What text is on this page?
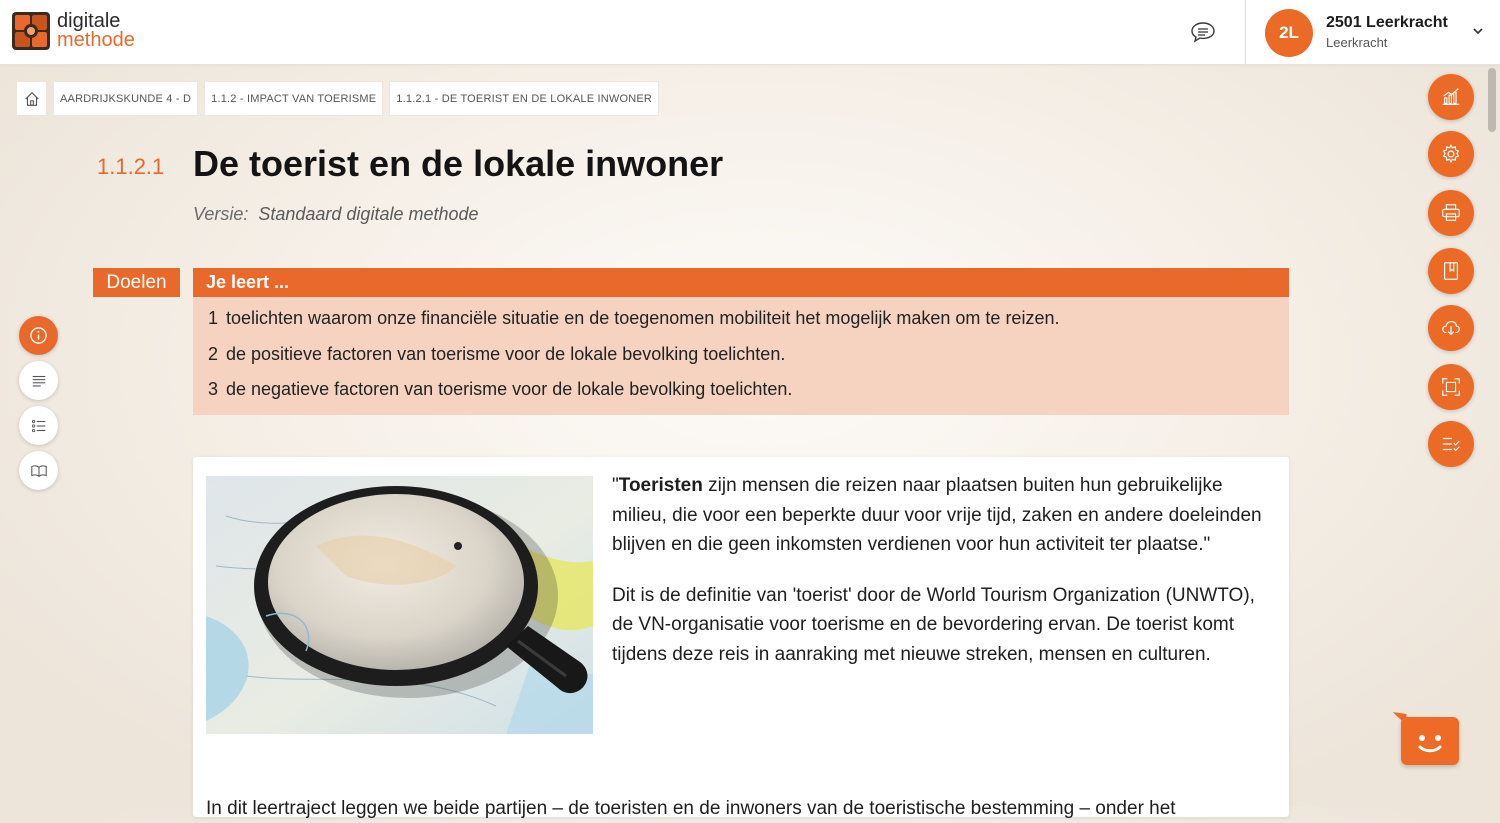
digitale
methode	2L
2501 Leerkracht
Leerkracht
AARDRIJKSKUNDE 4 - D	1.1.2 - IMPACT VAN TOERISME	1.1.2.1 - DE TOERIST EN DE LOKALE INWONER
1.1.2.1 De toerist en de lokale inwoner
Versie: Standaard digitale methode
Doelen	Je leert ...
1 toelichten waarom onze financiële situatie en de toegenomen mobiliteit het mogelijk maken om te reizen.
2 de positieve factoren van toerisme voor de lokale bevolking toelichten.
3 de negatieve factoren van toerisme voor de lokale bevolking toelichten.

"Toeristen zijn mensen die reizen naar plaatsen buiten hun gebruikelijke milieu, die voor een beperkte duur voor vrije tijd, zaken en andere doeleinden blijven en die geen inkomsten verdienen voor hun activiteit ter plaatse."

Dit is de definitie van 'toerist' door de World Tourism Organization (UNWTO), de VN-organisatie voor toerisme en de bevordering ervan. De toerist komt tijdens deze reis in aanraking met nieuwe streken, mensen en culturen.

In dit leertraject leggen we beide partijen – de toeristen en de inwoners van de toeristische bestemming – onder het
